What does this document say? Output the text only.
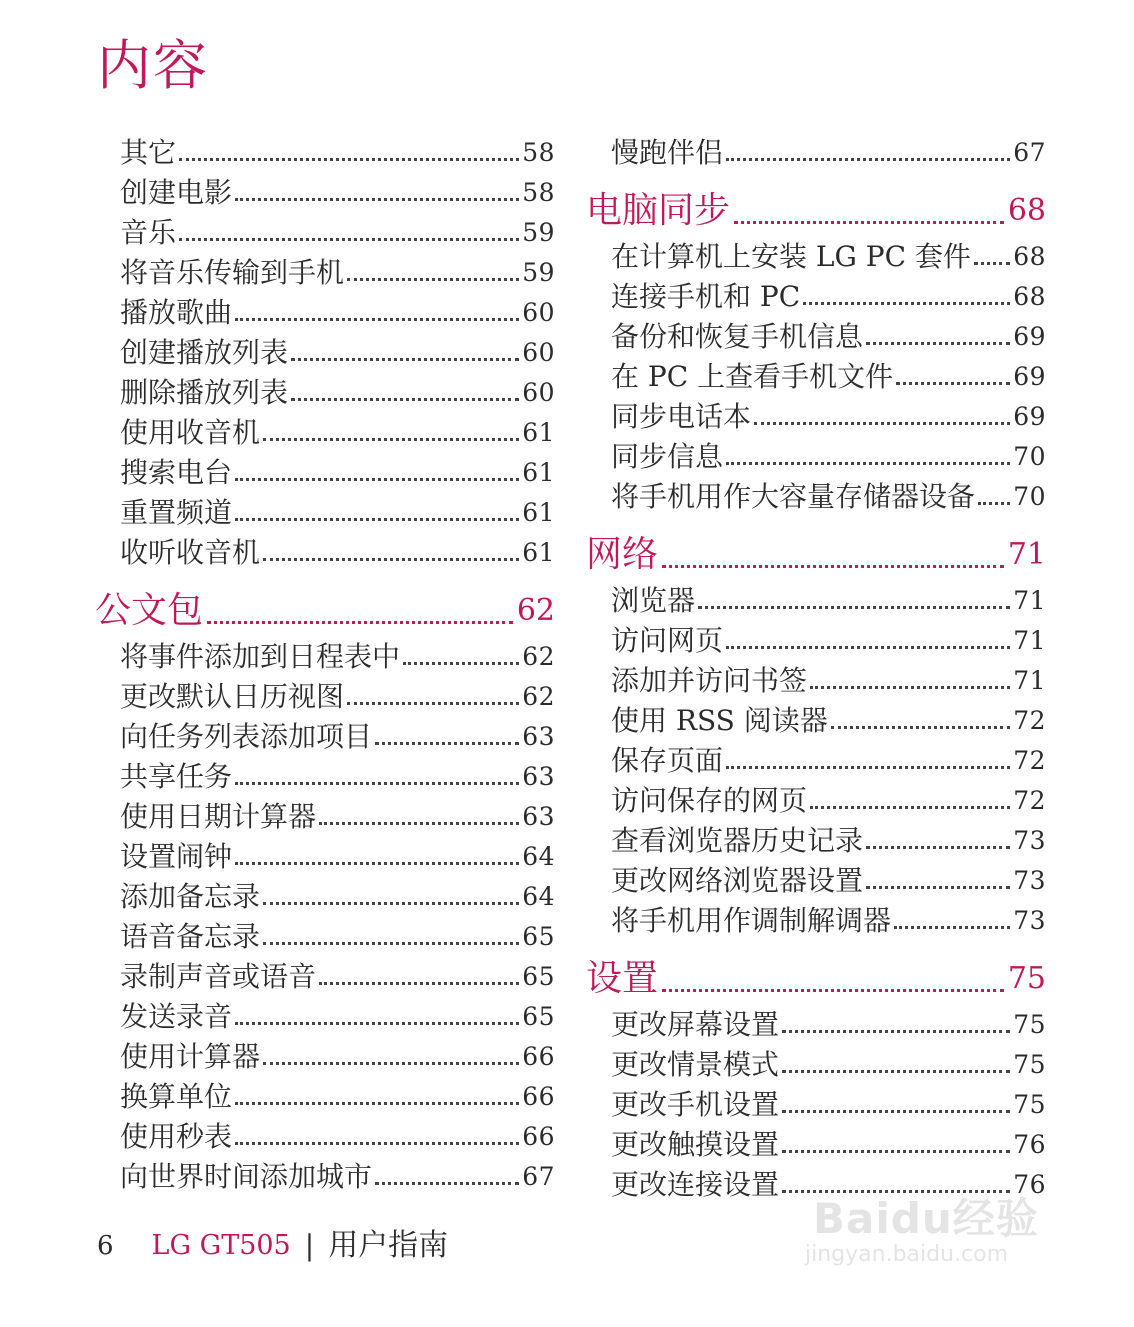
内容
其它	58
创建电影	58
音乐	59
将音乐传输到手机	59
播放歌曲	60
创建播放列表	60
删除播放列表	60
使用收音机	61
搜索电台	61
重置频道	61
收听收音机	61
公文包	62
将事件添加到日程表中	62
更改默认日历视图	62
向任务列表添加项目	63
共享任务	63
使用日期计算器	63
设置闹钟	64
添加备忘录	64
语音备忘录	65
录制声音或语音	65
发送录音	65
使用计算器	66
换算单位	66
使用秒表	66
向世界时间添加城市	67
慢跑伴侣	67
电脑同步	68
在计算机上安装 LG PC 套件 68
连接手机和 PC	68
备份和恢复手机信息	69
在 PC 上查看手机文件	69
同步电话本	69
同步信息	70
将手机用作大容量存储器设备 70
网络	71
浏览器	71
访问网页	71
添加并访问书签	71
使用 RSS 阅读器	72
保存页面	72
访问保存的网页	72
查看浏览器历史记录	73
更改网络浏览器设置	73
将手机用作调制解调器	73
设置	75
更改屏幕设置	75
更改情景模式	75
更改手机设置	75
更改触摸设置	76
更改连接设置	76
6 LG GT505 | 用户指南
Baidu经验
jingyan.baidu.com
